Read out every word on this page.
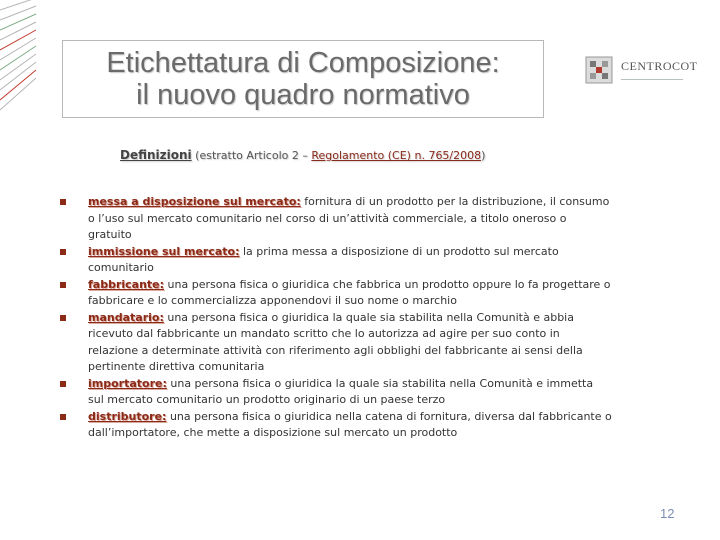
Etichettatura di Composizione:
il nuovo quadro normativo
CENTROCOT
Definizioni (estratto Articolo 2 – Regolamento (CE) n. 765/2008)
messa a disposizione sul mercato: fornitura di un prodotto per la distribuzione, il consumo o l’uso sul mercato comunitario nel corso di un’attività commerciale, a titolo oneroso o gratuito
immissione sul mercato: la prima messa a disposizione di un prodotto sul mercato comunitario
fabbricante: una persona fisica o giuridica che fabbrica un prodotto oppure lo fa progettare o fabbricare e lo commercializza apponendovi il suo nome o marchio
mandatario: una persona fisica o giuridica la quale sia stabilita nella Comunità e abbia ricevuto dal fabbricante un mandato scritto che lo autorizza ad agire per suo conto in relazione a determinate attività con riferimento agli obblighi del fabbricante ai sensi della pertinente direttiva comunitaria
importatore: una persona fisica o giuridica la quale sia stabilita nella Comunità e immetta sul mercato comunitario un prodotto originario di un paese terzo
distributore: una persona fisica o giuridica nella catena di fornitura, diversa dal fabbricante o dall’importatore, che mette a disposizione sul mercato un prodotto
12
